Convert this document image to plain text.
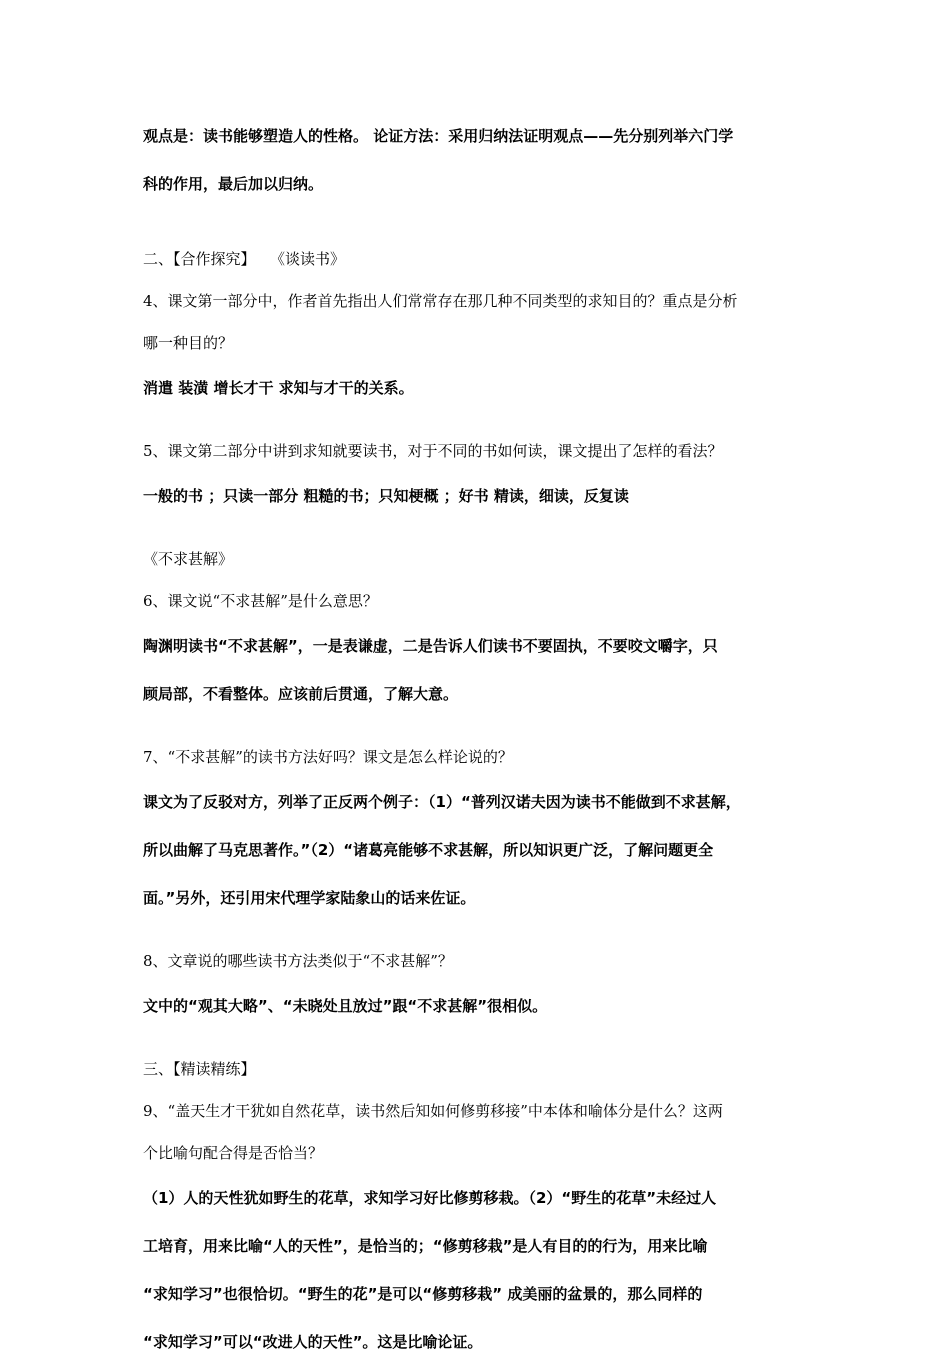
观点是：读书能够塑造人的性格。 论证方法：采用归纳法证明观点——先分别列举六门学
科的作用，最后加以归纳。
二、【合作探究】 《谈读书》
4、课文第一部分中，作者首先指出人们常常存在那几种不同类型的求知目的？重点是分析
哪一种目的？
消遣 装潢 增长才干 求知与才干的关系。
5、课文第二部分中讲到求知就要读书，对于不同的书如何读，课文提出了怎样的看法？
一般的书 ；只读一部分 粗糙的书；只知梗概 ；好书 精读，细读，反复读
《不求甚解》
6、课文说“不求甚解”是什么意思？
陶渊明读书“不求甚解”，一是表谦虚，二是告诉人们读书不要固执，不要咬文嚼字，只
顾局部，不看整体。应该前后贯通，了解大意。
7、“不求甚解”的读书方法好吗？课文是怎么样论说的？
课文为了反驳对方，列举了正反两个例子：（1）“普列汉诺夫因为读书不能做到不求甚解，
所以曲解了马克思著作。”（2）“诸葛亮能够不求甚解，所以知识更广泛，了解问题更全
面。”另外，还引用宋代理学家陆象山的话来佐证。
8、文章说的哪些读书方法类似于“不求甚解”？
文中的“观其大略”、“未晓处且放过”跟“不求甚解”很相似。
三、【精读精练】
9、“盖天生才干犹如自然花草，读书然后知如何修剪移接”中本体和喻体分是什么？这两
个比喻句配合得是否恰当？
（1）人的天性犹如野生的花草，求知学习好比修剪移栽。（2）“野生的花草”未经过人
工培育，用来比喻“人的天性”，是恰当的；“修剪移栽”是人有目的的行为，用来比喻
“求知学习”也很恰切。“野生的花”是可以“修剪移栽” 成美丽的盆景的，那么同样的
“求知学习”可以“改进人的天性”。这是比喻论证。
